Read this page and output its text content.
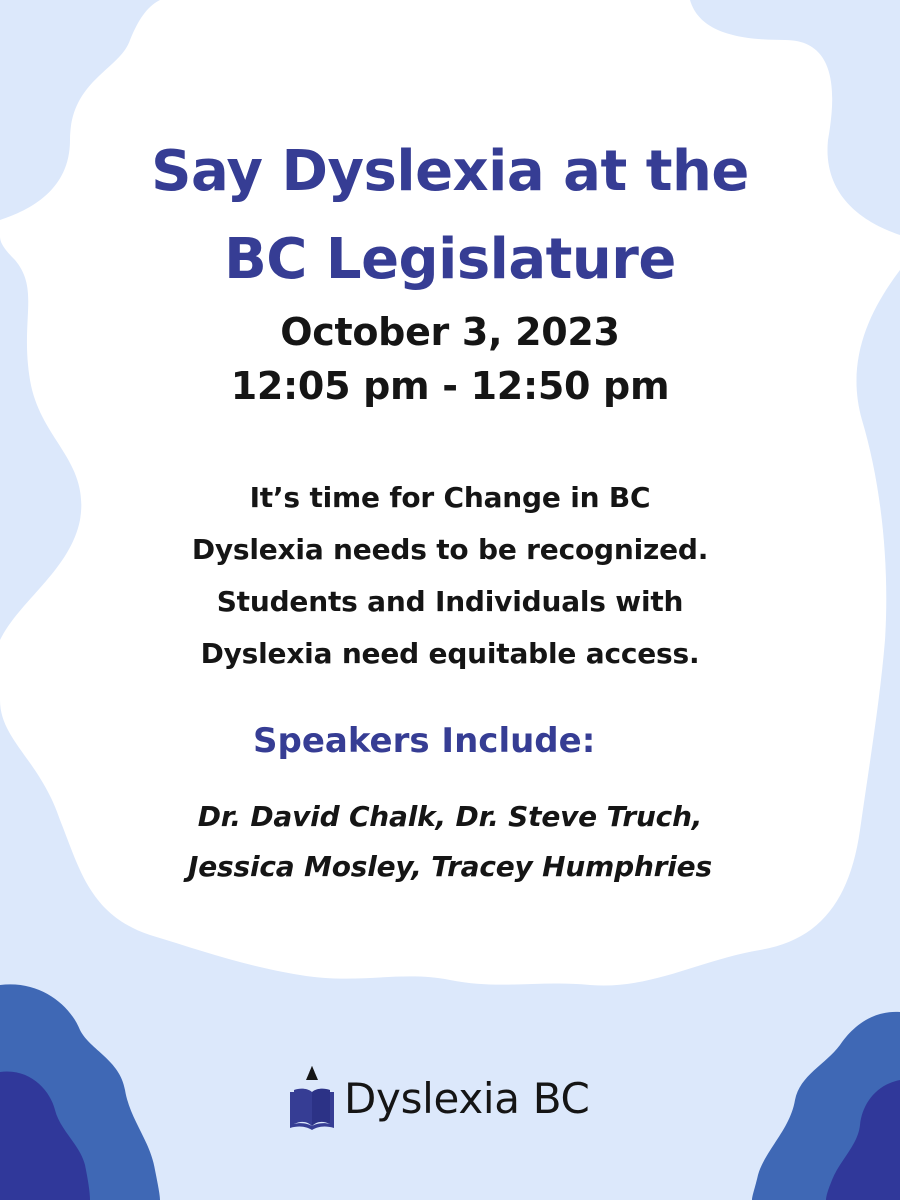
Say Dyslexia at the
BC Legislature
October 3, 2023
12:05 pm - 12:50 pm
It’s time for Change in BC
Dyslexia needs to be recognized.
Students and Individuals with
Dyslexia need equitable access.
Speakers Include:
Dr. David Chalk, Dr. Steve Truch,
Jessica Mosley, Tracey Humphries
Dyslexia BC
